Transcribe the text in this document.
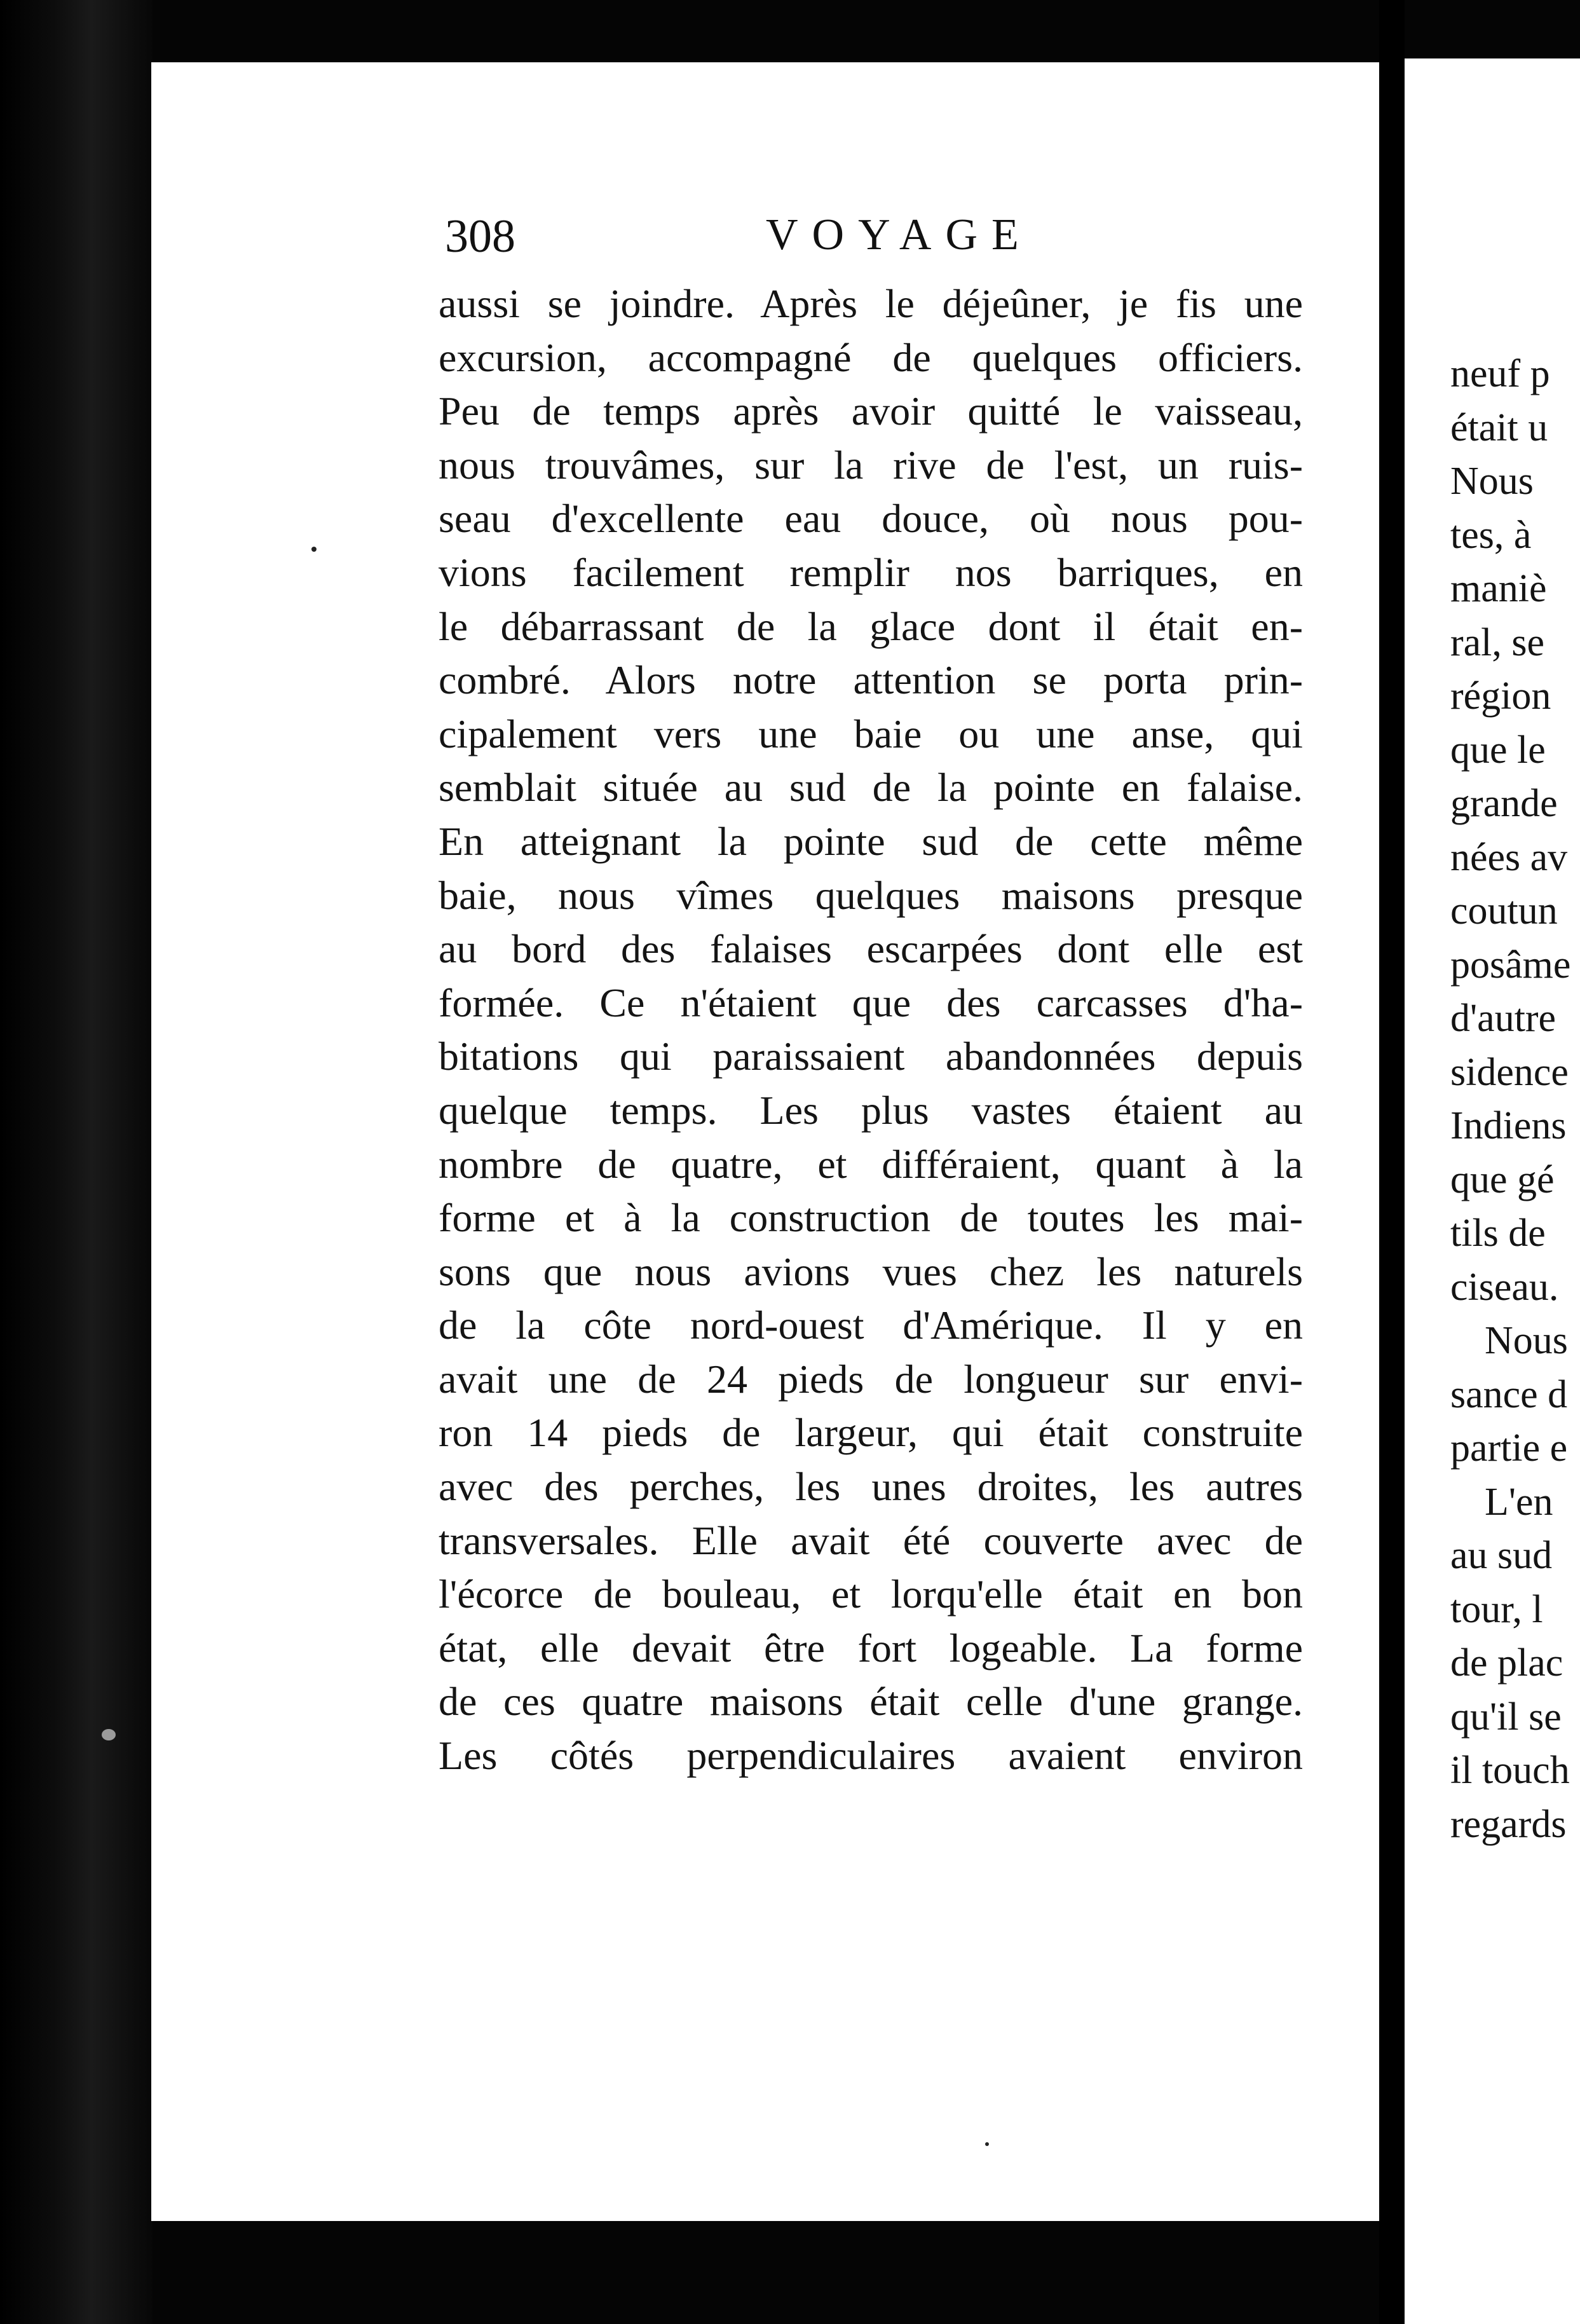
308	VOYAGE
aussi se joindre. Après le déjeûner, je fis une
excursion, accompagné de quelques officiers.
Peu de temps après avoir quitté le vaisseau,
nous trouvâmes, sur la rive de l'est, un ruis-
seau d'excellente eau douce, où nous pou-
vions facilement remplir nos barriques, en
le débarrassant de la glace dont il était en-
combré. Alors notre attention se porta prin-
cipalement vers une baie ou une anse, qui
semblait située au sud de la pointe en falaise.
En atteignant la pointe sud de cette même
baie, nous vîmes quelques maisons presque
au bord des falaises escarpées dont elle est
formée. Ce n'étaient que des carcasses d'ha-
bitations qui paraissaient abandonnées depuis
quelque temps. Les plus vastes étaient au
nombre de quatre, et différaient, quant à la
forme et à la construction de toutes les mai-
sons que nous avions vues chez les naturels
de la côte nord-ouest d'Amérique. Il y en
avait une de 24 pieds de longueur sur envi-
ron 14 pieds de largeur, qui était construite
avec des perches, les unes droites, les autres
transversales. Elle avait été couverte avec de
l'écorce de bouleau, et lorqu'elle était en bon
état, elle devait être fort logeable. La forme
de ces quatre maisons était celle d'une grange.
Les côtés perpendiculaires avaient environ
neuf p
était u
Nous
tes, à
maniè
ral, se
région
que le
grande
nées av
coutun
posâme
d'autre
sidence
Indiens
que gé
tils de
ciseau.
Nous
sance d
partie e
L'en
au sud
tour, l
de plac
qu'il se
il touch
regards
